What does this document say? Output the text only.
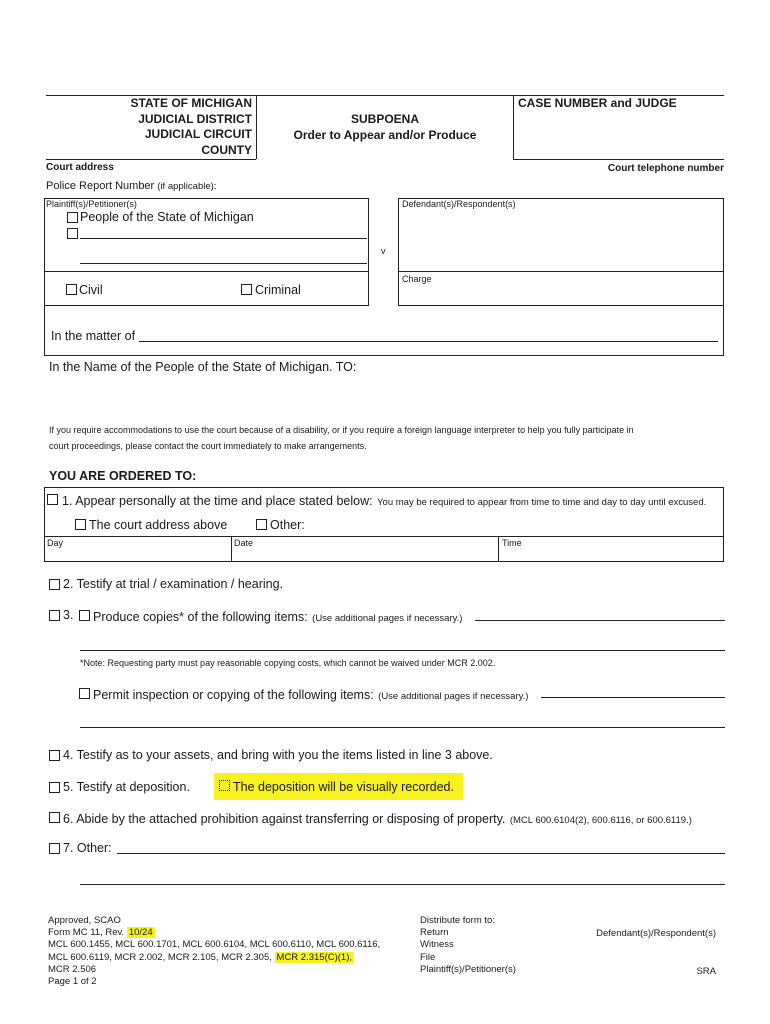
STATE OF MICHIGAN
JUDICIAL DISTRICT
JUDICIAL CIRCUIT
COUNTY
SUBPOENA
Order to Appear and/or Produce
CASE NUMBER and JUDGE
Court address	Court telephone number
Police Report Number (if applicable):
Plaintiff(s)/Petitioner(s)
People of the State of Michigan
v
Defendant(s)/Respondent(s)
Charge
Civil	Criminal
In the matter of
In the Name of the People of the State of Michigan. TO:
If you require accommodations to use the court because of a disability, or if you require a foreign language interpreter to help you fully participate in
court proceedings, please contact the court immediately to make arrangements.
YOU ARE ORDERED TO:
1. Appear personally at the time and place stated below: You may be required to appear from time to time and day to day until excused.
The court address above	Other:
Day	Date	Time
2. Testify at trial / examination / hearing.
3. Produce copies* of the following items: (Use additional pages if necessary.)
*Note: Requesting party must pay reasonable copying costs, which cannot be waived under MCR 2.002.
Permit inspection or copying of the following items: (Use additional pages if necessary.)
4. Testify as to your assets, and bring with you the items listed in line 3 above.
5. Testify at deposition.	The deposition will be visually recorded.
6. Abide by the attached prohibition against transferring or disposing of property. (MCL 600.6104(2), 600.6116, or 600.6119.)
7. Other:
Approved, SCAO
Form MC 11, Rev. 10/24
MCL 600.1455, MCL 600.1701, MCL 600.6104, MCL 600.6110, MCL 600.6116,
MCL 600.6119, MCR 2.002, MCR 2.105, MCR 2.305, MCR 2.315(C)(1),
MCR 2.506
Page 1 of 2
Distribute form to:
Return
Witness
File
Plaintiff(s)/Petitioner(s)
Defendant(s)/Respondent(s)
SRA
